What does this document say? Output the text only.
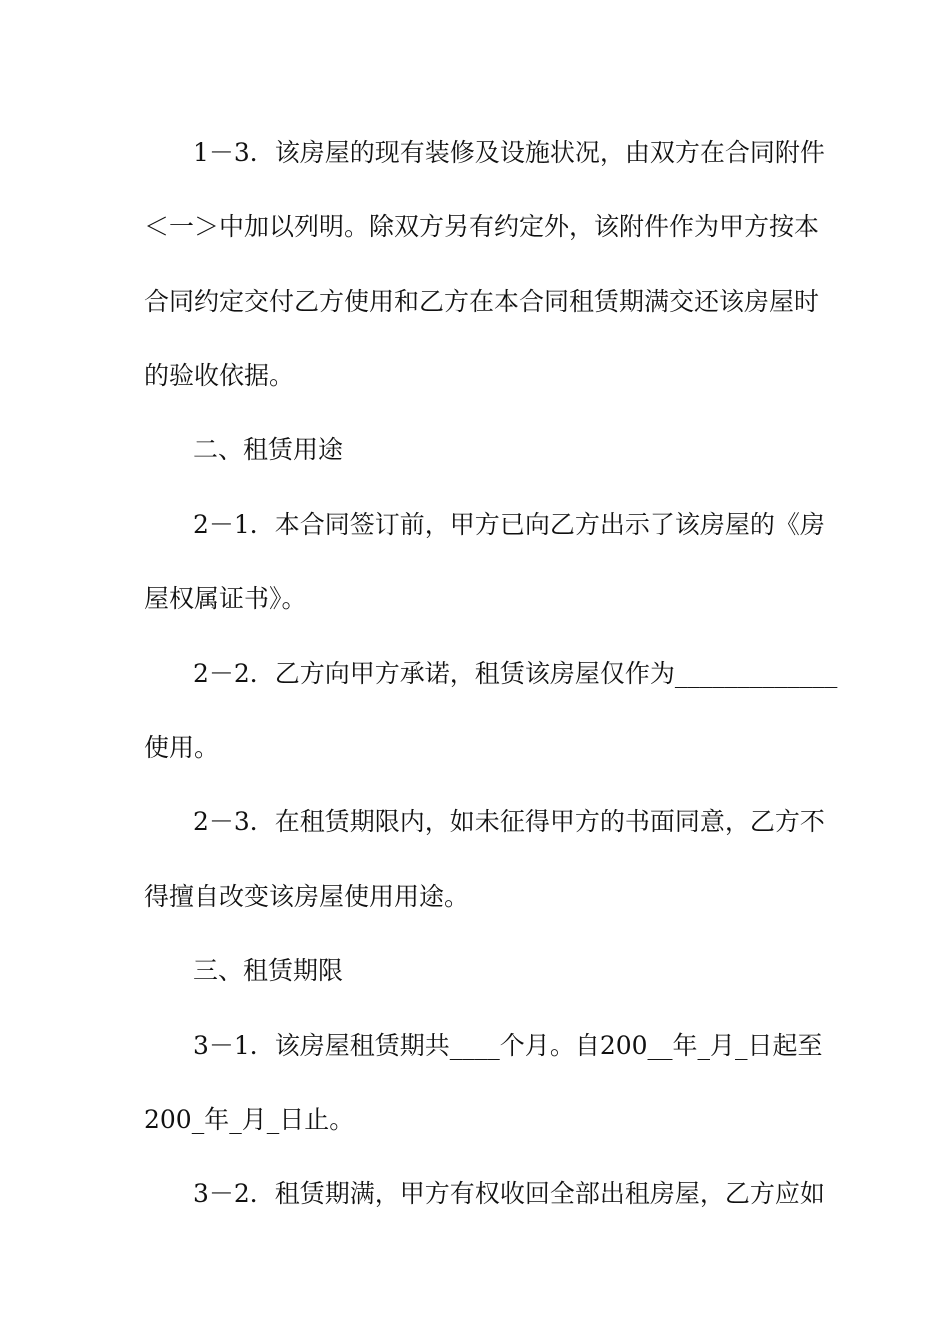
1－3．该房屋的现有装修及设施状况，由双方在合同附件
＜一＞中加以列明。除双方另有约定外，该附件作为甲方按本
合同约定交付乙方使用和乙方在本合同租赁期满交还该房屋时
的验收依据。
二、租赁用途
2－1．本合同签订前，甲方已向乙方出示了该房屋的《房
屋权属证书》。
2－2．乙方向甲方承诺，租赁该房屋仅作为_____________
使用。
2－3．在租赁期限内，如未征得甲方的书面同意，乙方不
得擅自改变该房屋使用用途。
三、租赁期限
3－1．该房屋租赁期共____个月。自200__年_月_日起至
200_年_月_日止。
3－2．租赁期满，甲方有权收回全部出租房屋，乙方应如
